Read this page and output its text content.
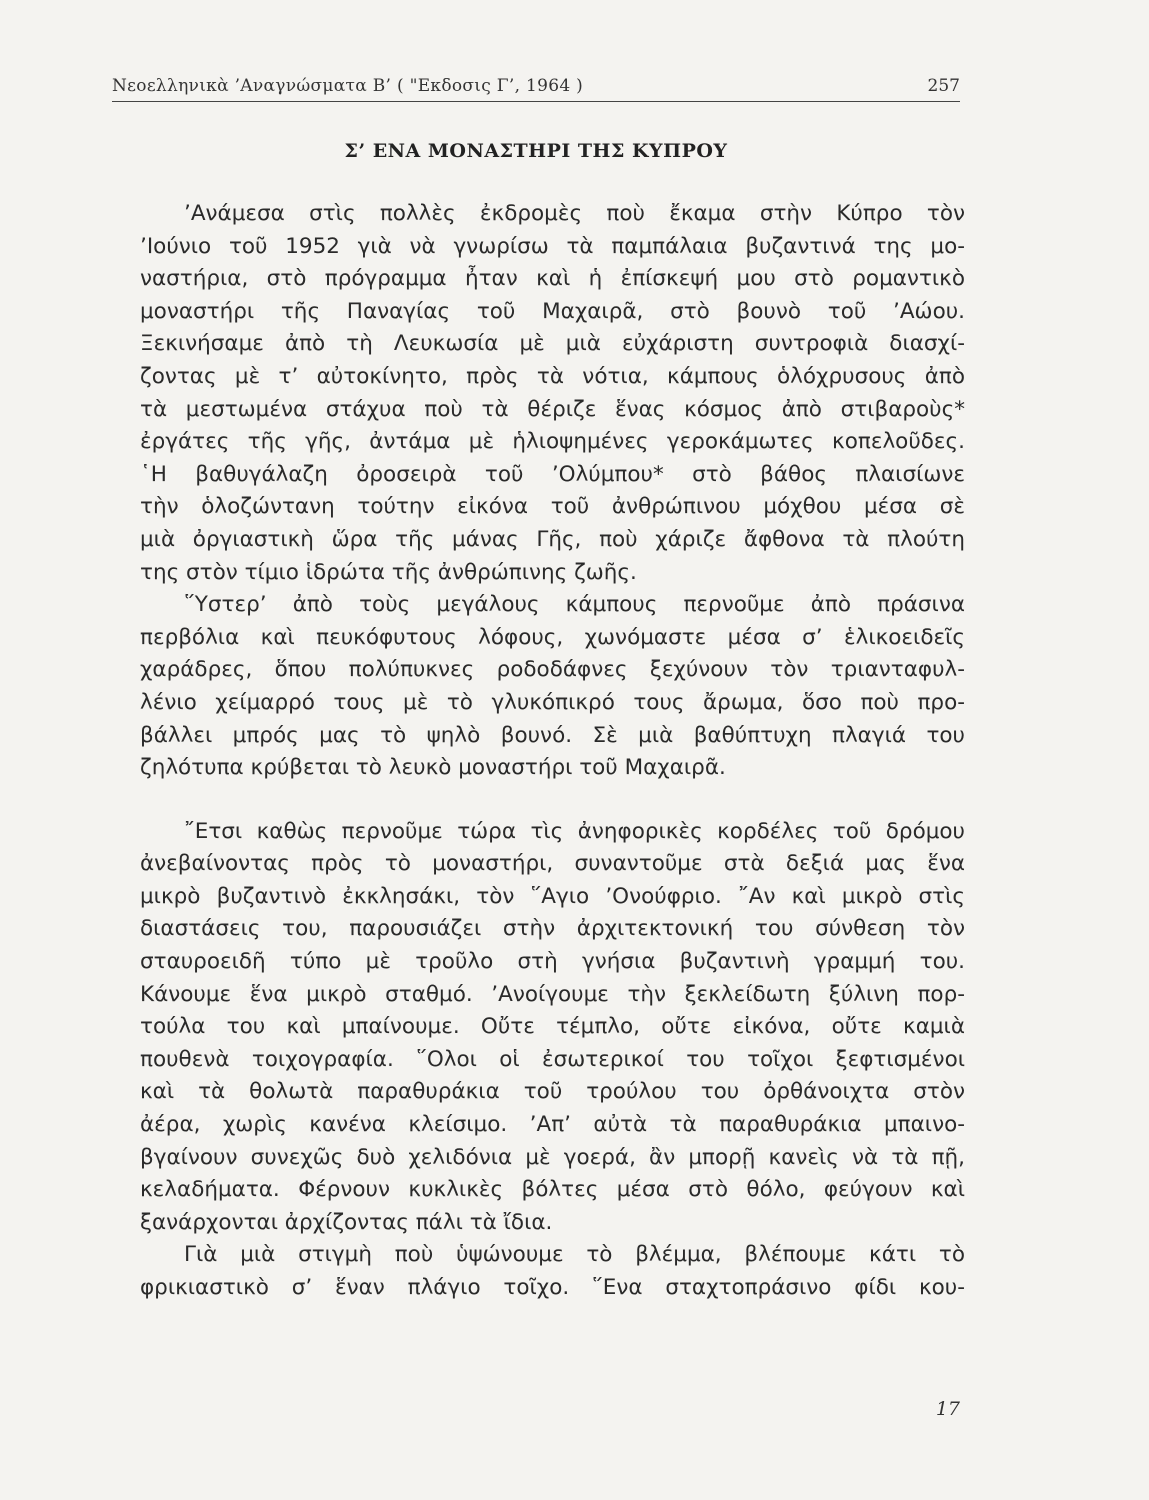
Νεοελληνικὰ ’Αναγνώσματα Β’ ( "Εκδοσις Γ’, 1964 )	257
Σ’ ΕΝΑ ΜΟΝΑΣΤΗΡΙ ΤΗΣ ΚΥΠΡΟΥ
’Ανάμεσα στὶς πολλὲς ἐκδρομὲς ποὺ ἔκαμα στὴν Κύπρο τὸν
’Ιούνιο τοῦ 1952 γιὰ νὰ γνωρίσω τὰ παμπάλαια βυζαντινά της μο-
ναστήρια, στὸ πρόγραμμα ἦταν καὶ ἡ ἐπίσκεψή μου στὸ ρομαντικὸ
μοναστήρι τῆς Παναγίας τοῦ Μαχαιρᾶ, στὸ βουνὸ τοῦ ’Αώου.
Ξεκινήσαμε ἀπὸ τὴ Λευκωσία μὲ μιὰ εὐχάριστη συντροφιὰ διασχί-
ζοντας μὲ τ’ αὐτοκίνητο, πρὸς τὰ νότια, κάμπους ὁλόχρυσους ἀπὸ
τὰ μεστωμένα στάχυα ποὺ τὰ θέριζε ἕνας κόσμος ἀπὸ στιβαροὺς*
ἐργάτες τῆς γῆς, ἀντάμα μὲ ἡλιοψημένες γεροκάμωτες κοπελοῦδες.
῾Η βαθυγάλαζη ὀροσειρὰ τοῦ ’Ολύμπου* στὸ βάθος πλαισίωνε
τὴν ὁλοζώντανη τούτην εἰκόνα τοῦ ἀνθρώπινου μόχθου μέσα σὲ
μιὰ ὀργιαστικὴ ὥρα τῆς μάνας Γῆς, ποὺ χάριζε ἄφθονα τὰ πλούτη
της στὸν τίμιο ἱδρώτα τῆς ἀνθρώπινης ζωῆς.
῞Υστερ’ ἀπὸ τοὺς μεγάλους κάμπους περνοῦμε ἀπὸ πράσινα
περβόλια καὶ πευκόφυτους λόφους, χωνόμαστε μέσα σ’ ἑλικοειδεῖς
χαράδρες, ὅπου πολύπυκνες ροδοδάφνες ξεχύνουν τὸν τριανταφυλ-
λένιο χείμαρρό τους μὲ τὸ γλυκόπικρό τους ἄρωμα, ὅσο ποὺ προ-
βάλλει μπρός μας τὸ ψηλὸ βουνό. Σὲ μιὰ βαθύπτυχη πλαγιά του
ζηλότυπα κρύβεται τὸ λευκὸ μοναστήρι τοῦ Μαχαιρᾶ.
῎Ετσι καθὼς περνοῦμε τώρα τὶς ἀνηφορικὲς κορδέλες τοῦ δρόμου
ἀνεβαίνοντας πρὸς τὸ μοναστήρι, συναντοῦμε στὰ δεξιά μας ἕνα
μικρὸ βυζαντινὸ ἐκκλησάκι, τὸν ῞Αγιο ’Ονούφριο. ῎Αν καὶ μικρὸ στὶς
διαστάσεις του, παρουσιάζει στὴν ἀρχιτεκτονική του σύνθεση τὸν
σταυροειδῆ τύπο μὲ τροῦλο στὴ γνήσια βυζαντινὴ γραμμή του.
Κάνουμε ἕνα μικρὸ σταθμό. ’Ανοίγουμε τὴν ξεκλείδωτη ξύλινη πορ-
τούλα του καὶ μπαίνουμε. Οὔτε τέμπλο, οὔτε εἰκόνα, οὔτε καμιὰ
πουθενὰ τοιχογραφία. ῞Ολοι οἱ ἐσωτερικοί του τοῖχοι ξεφτισμένοι
καὶ τὰ θολωτὰ παραθυράκια τοῦ τρούλου του ὀρθάνοιχτα στὸν
ἀέρα, χωρὶς κανένα κλείσιμο. ’Απ’ αὐτὰ τὰ παραθυράκια μπαινο-
βγαίνουν συνεχῶς δυὸ χελιδόνια μὲ γοερά, ἂν μπορῇ κανεὶς νὰ τὰ πῇ,
κελαδήματα. Φέρνουν κυκλικὲς βόλτες μέσα στὸ θόλο, φεύγουν καὶ
ξανάρχονται ἀρχίζοντας πάλι τὰ ἴδια.
Γιὰ μιὰ στιγμὴ ποὺ ὑψώνουμε τὸ βλέμμα, βλέπουμε κάτι τὸ
φρικιαστικὸ σ’ ἕναν πλάγιο τοῖχο. ῞Ενα σταχτοπράσινο φίδι κου-
17
